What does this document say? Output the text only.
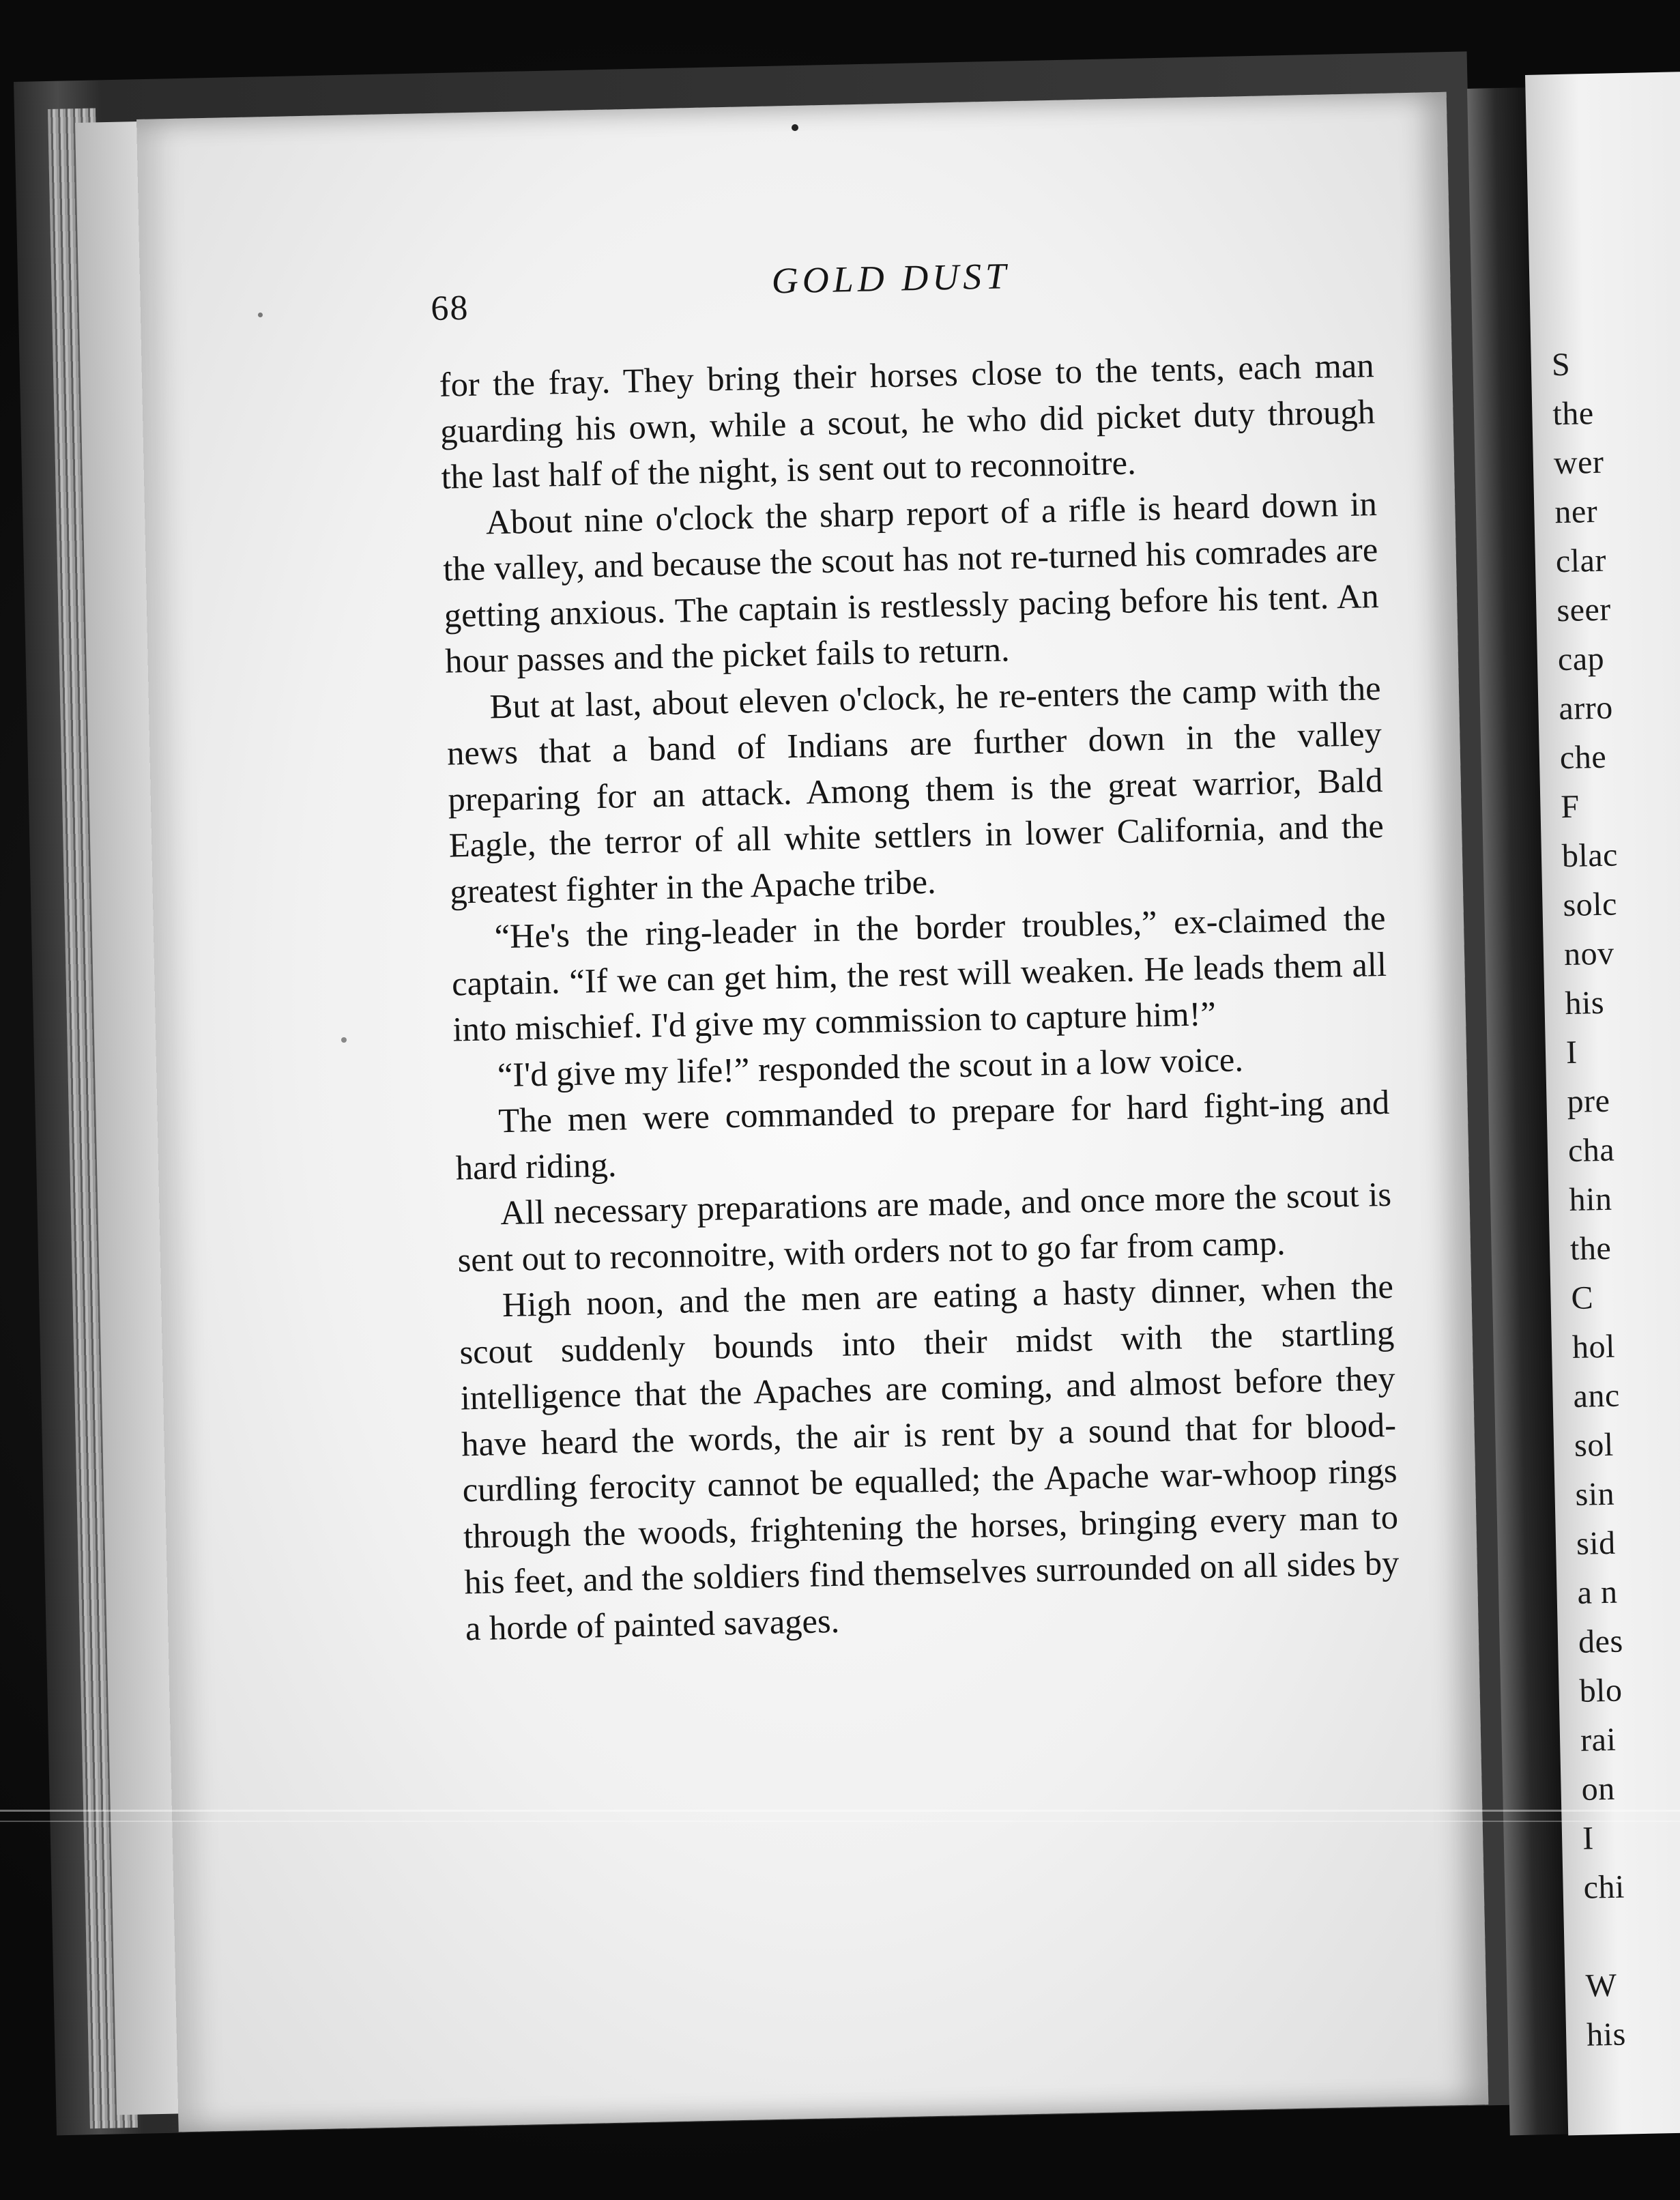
68
GOLD DUST

for the fray. They bring their horses close to the tents, each man guarding his own, while a scout, he who did picket duty through the last half of the night, is sent out to reconnoitre.

About nine o'clock the sharp report of a rifle is heard down in the valley, and because the scout has not re-turned his comrades are getting anxious. The captain is restlessly pacing before his tent. An hour passes and the picket fails to return.

But at last, about eleven o'clock, he re-enters the camp with the news that a band of Indians are further down in the valley preparing for an attack. Among them is the great warrior, Bald Eagle, the terror of all white settlers in lower California, and the greatest fighter in the Apache tribe.

“He's the ring-leader in the border troubles,” ex-claimed the captain. “If we can get him, the rest will weaken. He leads them all into mischief. I'd give my commission to capture him!”

“I'd give my life!” responded the scout in a low voice.

The men were commanded to prepare for hard fight-ing and hard riding.

All necessary preparations are made, and once more the scout is sent out to reconnoitre, with orders not to go far from camp.

High noon, and the men are eating a hasty dinner, when the scout suddenly bounds into their midst with the startling intelligence that the Apaches are coming, and almost before they have heard the words, the air is rent by a sound that for blood-curdling ferocity cannot be equalled; the Apache war-whoop rings through the woods, frightening the horses, bringing every man to his feet, and the soldiers find themselves surrounded on all sides by a horde of painted savages.

S
the
wer
ner
clar
seer
cap
arro
che
F
blac
solc
nov
his
I
pre
cha
hin
the
C
hol
anc
sol
sin
sid
a n
des
blo
rai
on
I
chi
W
his
